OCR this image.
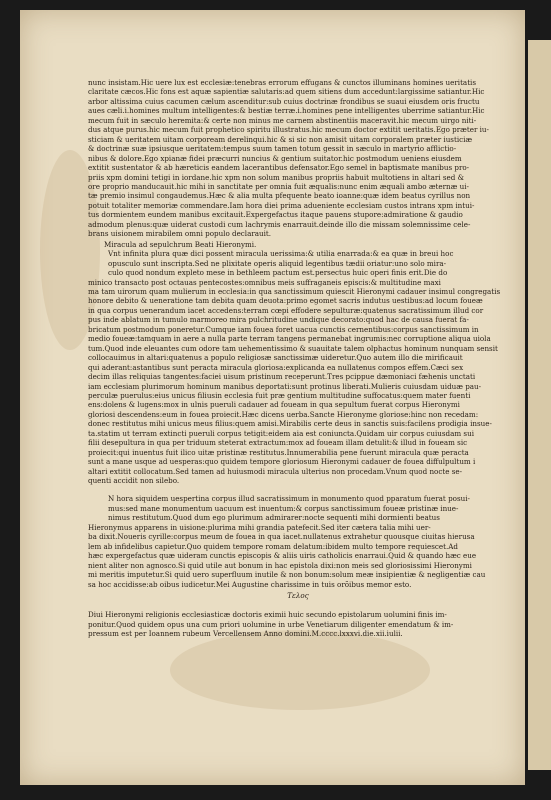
nunc insistam.Hic uere lux est ecclesiæ:tenebras errorum effugans & cunctos illuminans homines ueritatis
claritate cæcos.Hic fons est aquæ sapientiæ salutaris:ad quem sitiens dum accedunt:largissime satiantur.Hic
arbor altissima cuius cacumen cælum ascenditur:sub cuius doctrinæ frondibus se suaui eiusdem oris fructu
aues cæli.i.homines multum intelligentes:& bestiæ terræ.i.homines pene intelligentes uberrime satiantur.Hic
mecum fuit in sæculo heremita:& certe non minus me carnem abstinentiis maceravit.hic mecum uirgo niti-
dus atque purus.hic mecum fuit prophetico spiritu illustratus.hic mecum doctor extitit ueritatis.Ego præter iu-
sticiam & ueritatem uitam corpoream derelinqui.hic & si sic non amisit uitam corporalem præter iusticiæ
& doctrinæ suæ ipsiusque ueritatem:tempus suum tamen totum gessit in sæculo in martyrio afflictio-
nibus & dolore.Ego xpianæ fidei præcurri nuncius & gentium suitator.hic postmodum ueniens eiusdem
extitit sustentator & ab hæreticis eandem lacerantibus defensator.Ego semel in baptismate manibus pro-
priis xpm domini tetigi in iordane.hic xpm non solum manibus propriis habuit multotiens in altari sed &
ore proprio manducauit.hic mihi in sanctitate per omnia fuit æqualis:nunc enim æquali ambo æternæ ui-
tæ premio insimul congaudemus.Hæc & alia multa pfequente beato ioanne:quæ idem beatus cyrillus non
potuit totaliter memoriæ commendare.Iam hora diei prima adueniente ecclesiam custos intrans xpm intui-
tus dormientem eundem manibus excitauit.Expergefactus itaque pauens stupore:admiratione & gaudio
admodum plenus:quæ uiderat custodi cum lachrymis enarrauit.deinde illo die missam solemnissime cele-
brans uisionem mirabilem omni populo declarauit.
Miracula ad sepulchrum Beati Hieronymi.
Vnt infinita plura quæ dici possent miracula uerissima:& utilia enarrada:& ea quæ in breui hoc
opusculo sunt inscripta.Sed ne plixitate operis aliquid legentibus tædii oriatur:uno solo mira-
culo quod nondum expleto mese in bethleem pactum est.persectus huic operi finis erit.Die do
minico transacto post octauas pentecostes:omnibus meis suffraganeis episcis:& multitudine maxi
ma tam uirorum quam mulierum in ecclesia:in qua sanctissimum quiescit Hieronymi cadauer insimul congregatis
honore debito & ueneratione tam debita quam deuota:primo egomet sacris indutus uestibus:ad locum foueæ
in qua corpus uenerandum iacet accedens:terram cœpi effodere sepulturæ:quatenus sacratissimum illud cor
pus inde ablatum in tumulo marmoreo mira pulchritudine undique decorato:quod hac de causa fuerat fa-
bricatum postmodum poneretur.Cumque iam fouea foret uacua cunctis cernentibus:corpus sanctissimum in
medio foueæ:tamquam in aere a nulla parte terram tangens permanebat ingrumis:nec corruptione aliqua uiola
tum.Quod inde eleuantes cum odore tam uehementissimo & suauitate talem olphactus hominum nunquam sensit
collocauimus in altari:quatenus a populo religiosæ sanctissimæ uideretur.Quo autem illo die mirificauit
qui aderant:astantibus sunt peracta miracula gloriosa:explicanda ea nullatenus compos effem.Cæci sex
decim illas reliquias tangentes:faciei uisum pristinum receperunt.Tres pcippue dæmoniaci fæhenis unctati
iam ecclesiam plurimorum hominum manibus deportati:sunt protinus liberati.Mulieris cuiusdam uiduæ pau-
perculæ puerulus:eius unicus filiusin ecclesia fuit præ gentium multitudine suffocatus:quem mater fuenti
ens:dolens & lugens:mox in ulnis pueruli cadauer ad foueam in qua sepultum fuerat corpus Hieronymi
gloriosi descendens:eum in fouea proiecit.Hæc dicens uerba.Sancte Hieronyme gloriose:hinc non recedam:
donec restitutus mihi unicus meus filius:quem amisi.Mirabilis certe deus in sanctis suis:facilens prodigia insue-
ta.statim ut terram extincti pueruli corpus tetigit:eidem aia est coniuncta.Quidam uir corpus cuiusdam sui
filii desepultura in qua per triduum steterat extractum:mox ad foueam illam detulit:& illud in foueam sic
proiecit:qui inuentus fuit ilico uitæ pristinæ restitutus.Innumerabilia pene fuerunt miracula quæ peracta
sunt a mane usque ad uesperas:quo quidem tempore gloriosum Hieronymi cadauer de fouea diffulpultum i
altari extitit collocatum.Sed tamen ad huiusmodi miracula ulterius non procedam.Vnum quod nocte se-
quenti accidit non silebo.
N hora siquidem uespertina corpus illud sacratissimum in monumento quod pparatum fuerat posui-
mus:sed mane monumentum uacuum est inuentum:& corpus sanctissimum foueæ pristinæ inue-
nimus restitutum.Quod dum ego plurimum admirarer:nocte sequenti mihi dormienti beatus
Hieronymus apparens in uisione:plurima mihi grandia patefecit.Sed iter cætera talia mihi uer-
ba dixit.Noueris cyrille:corpus meum de fouea in qua iacet.nullatenus extrahetur quousque ciuitas hierusa
lem ab infidelibus capietur.Quo quidem tempore romam delatum:ibidem multo tempore requiescet.Ad
hæc expergefactus quæ uideram cunctis episcopis & aliis uiris catholicis enarraui.Quid & quando hæc eue
nient aliter non agnosco.Si quid utile aut bonum in hac epistola dixi:non meis sed gloriosissimi Hieronymi
mi meritis imputetur.Si quid uero superfluum inutile & non bonum:solum meæ insipientiæ & negligentiæ cau
sa hoc accidisse:ab oibus iudicetur.Mei Augustine charissime in tuis orõibus memor esto.
Τελος
Diui Hieronymi religionis ecclesiasticæ doctoris eximii huic secundo epistolarum uolumini finis im-
ponitur.Quod quidem opus una cum priori uolumine in urbe Venetiarum diligenter emendatum & im-
pressum est per Ioannem rubeum Vercellensem Anno domini.M.cccc.lxxxvi.die.xii.iulii.
